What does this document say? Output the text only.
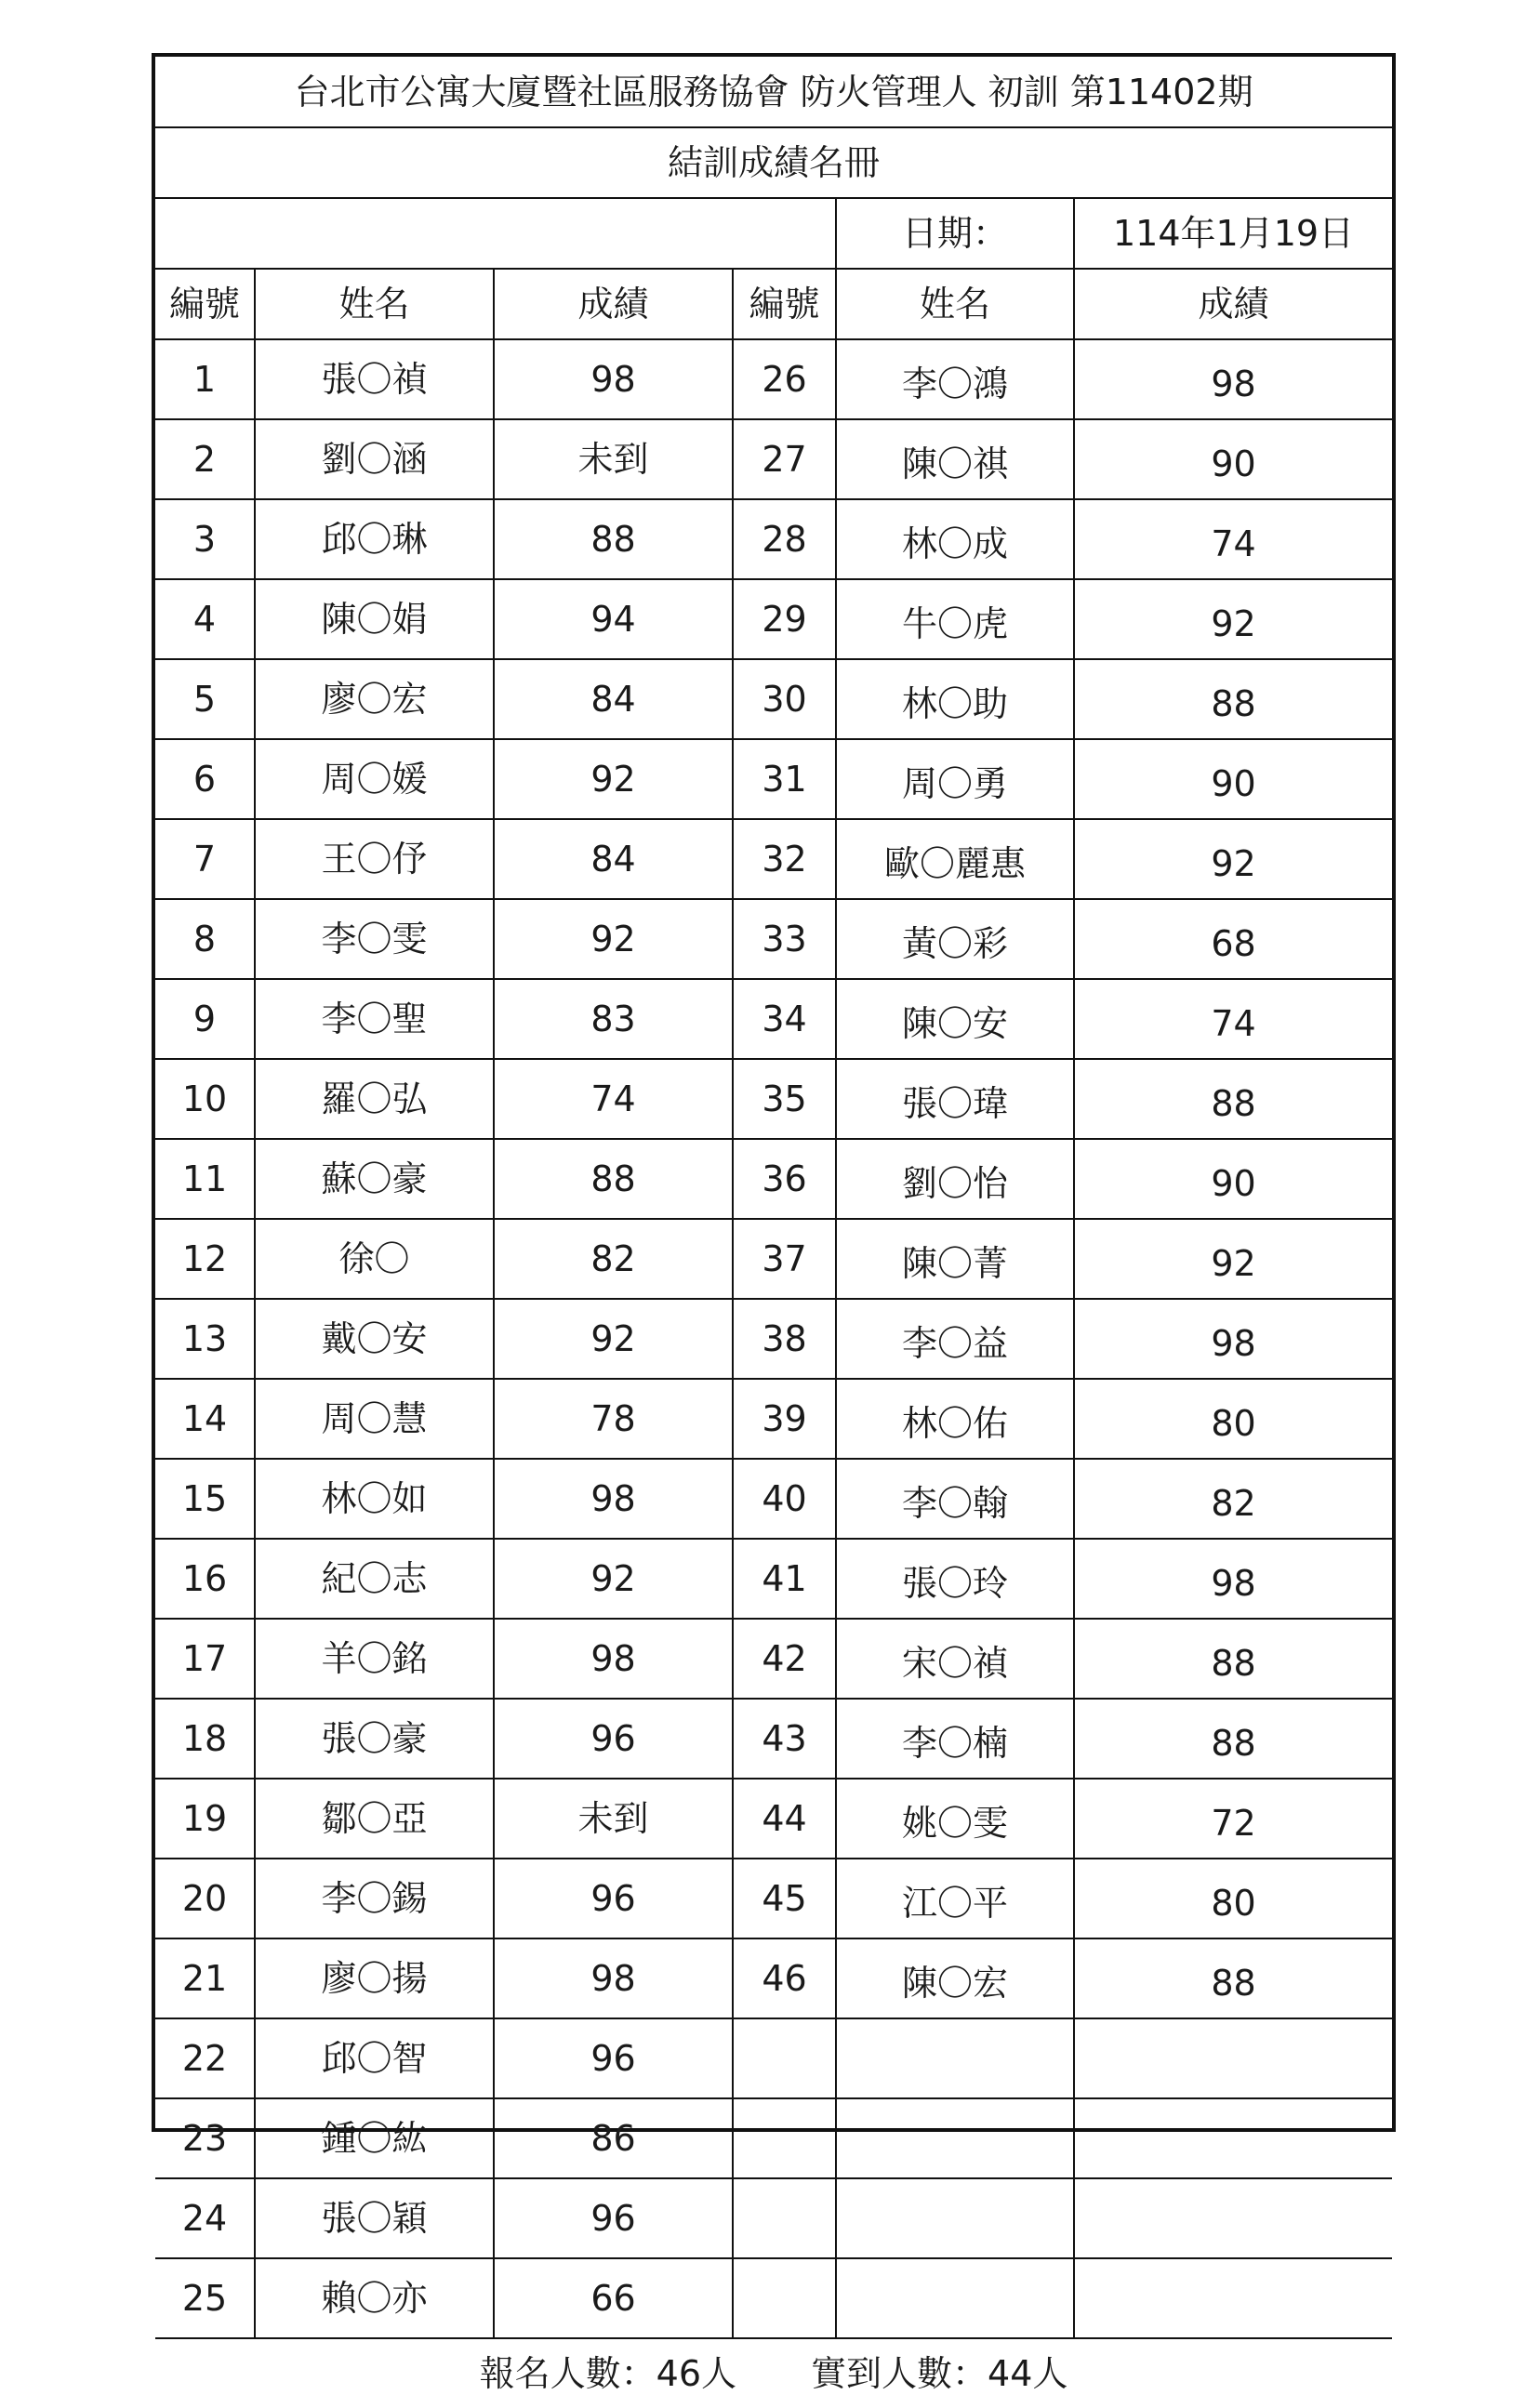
台北市公寓大廈暨社區服務協會 防火管理人 初訓 第11402期					
結訓成績名冊					
				日期：	114年1月19日
編號	姓名	成績	編號	姓名	成績
1	張〇禎	98	26	李〇鴻	98
2	劉〇涵	未到	27	陳〇祺	90
3	邱〇琳	88	28	林〇成	74
4	陳〇娟	94	29	牛〇虎	92
5	廖〇宏	84	30	林〇助	88
6	周〇媛	92	31	周〇勇	90
7	王〇伃	84	32	歐〇麗惠	92
8	李〇雯	92	33	黃〇彩	68
9	李〇聖	83	34	陳〇安	74
10	羅〇弘	74	35	張〇瑋	88
11	蘇〇豪	88	36	劉〇怡	90
12	徐〇	82	37	陳〇菁	92
13	戴〇安	92	38	李〇益	98
14	周〇慧	78	39	林〇佑	80
15	林〇如	98	40	李〇翰	82
16	紀〇志	92	41	張〇玲	98
17	羊〇銘	98	42	宋〇禎	88
18	張〇豪	96	43	李〇楠	88
19	鄒〇亞	未到	44	姚〇雯	72
20	李〇錫	96	45	江〇平	80
21	廖〇揚	98	46	陳〇宏	88
22	邱〇智	96			
23	鍾〇紘	86			
24	張〇穎	96			
25	賴〇亦	66			
報名人數：46人 實到人數：44人					
